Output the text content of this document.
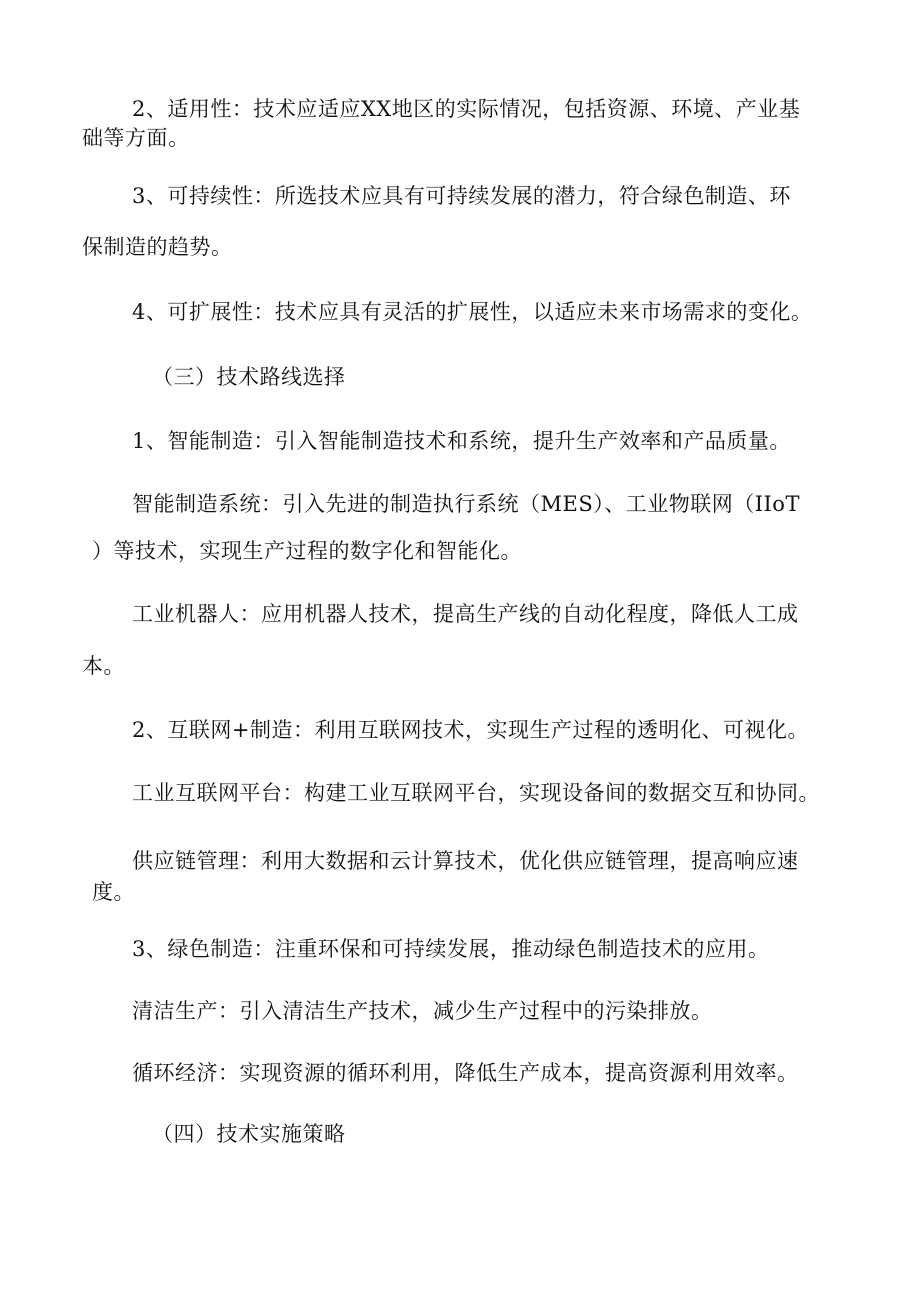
2、适用性：技术应适应XX地区的实际情况，包括资源、环境、产业基

础等方面。

3、可持续性：所选技术应具有可持续发展的潜力，符合绿色制造、环

保制造的趋势。

4、可扩展性：技术应具有灵活的扩展性，以适应未来市场需求的变化。

（三）技术路线选择

1、智能制造：引入智能制造技术和系统，提升生产效率和产品质量。

智能制造系统：引入先进的制造执行系统（MES）、工业物联网（IIoT

）等技术，实现生产过程的数字化和智能化。

工业机器人：应用机器人技术，提高生产线的自动化程度，降低人工成

本。

2、互联网+制造：利用互联网技术，实现生产过程的透明化、可视化。

工业互联网平台：构建工业互联网平台，实现设备间的数据交互和协同。

供应链管理：利用大数据和云计算技术，优化供应链管理，提高响应速

度。

3、绿色制造：注重环保和可持续发展，推动绿色制造技术的应用。

清洁生产：引入清洁生产技术，减少生产过程中的污染排放。

循环经济：实现资源的循环利用，降低生产成本，提高资源利用效率。

（四）技术实施策略
